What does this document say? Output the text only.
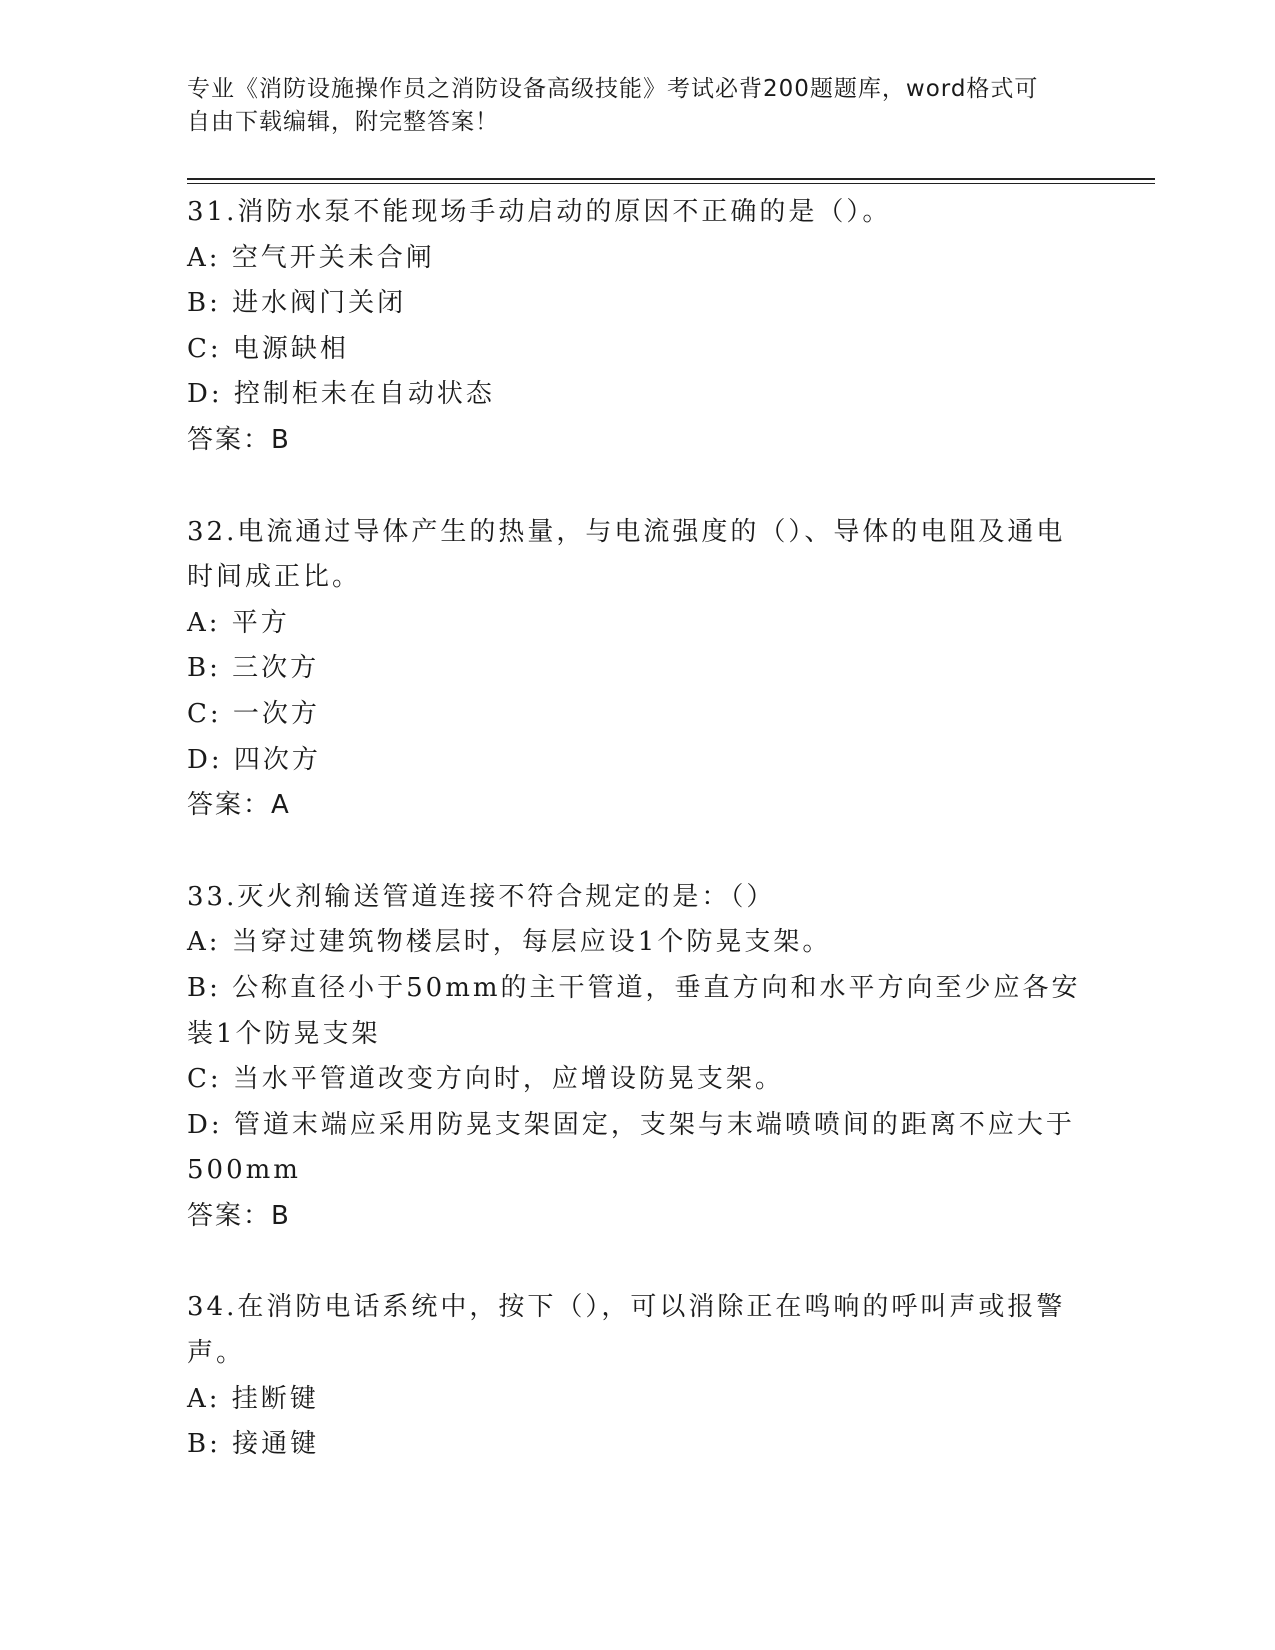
专业《消防设施操作员之消防设备高级技能》考试必背200题题库，word格式可
自由下载编辑，附完整答案！
31.消防水泵不能现场手动启动的原因不正确的是（）。
A: 空气开关未合闸
B: 进水阀门关闭
C: 电源缺相
D: 控制柜未在自动状态
答案：B
32.电流通过导体产生的热量，与电流强度的（）、导体的电阻及通电
时间成正比。
A: 平方
B: 三次方
C: 一次方
D: 四次方
答案：A
33.灭火剂输送管道连接不符合规定的是：（）
A: 当穿过建筑物楼层时，每层应设1个防晃支架。
B: 公称直径小于50mm的主干管道，垂直方向和水平方向至少应各安
装1个防晃支架
C: 当水平管道改变方向时，应增设防晃支架。
D: 管道末端应采用防晃支架固定，支架与末端喷喷间的距离不应大于
500mm
答案：B
34.在消防电话系统中，按下（），可以消除正在鸣响的呼叫声或报警
声。
A: 挂断键
B: 接通键
